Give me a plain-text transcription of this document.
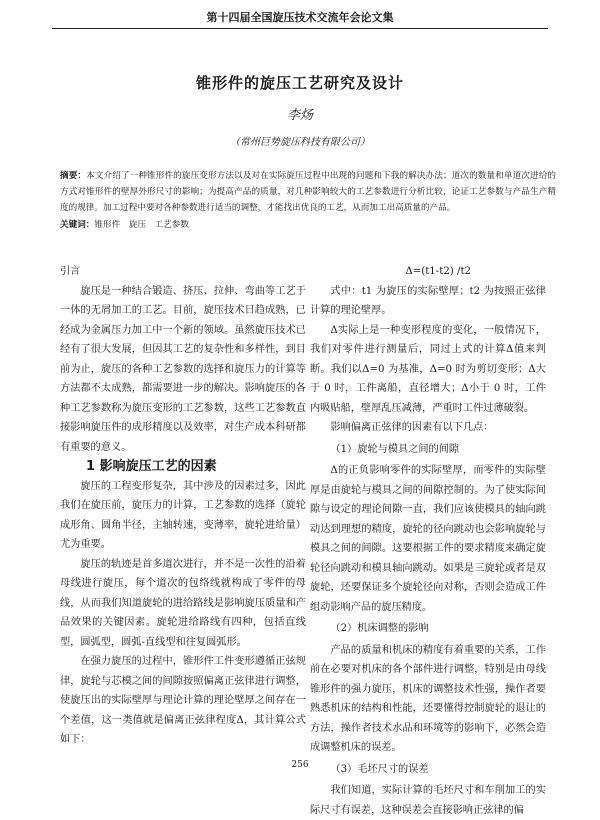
第十四届全国旋压技术交流年会论文集
锥形件的旋压工艺研究及设计
李炀
（常州巨势旋压科技有限公司）
摘要：本文介绍了一种锥形件的旋压变形方法以及对在实际旋压过程中出现的问题和下我的解决办法；道次的数量和单道次进给的方式对锥形件的壁厚外形尺寸的影响；为提高产品的质量，对几种影响较大的工艺参数进行分析比较，论证工艺参数与产品生产精度的规律。加工过程中要对各种参数进行适当的调整，才能找出优良的工艺，从而加工出高质量的产品。
关键词：锥形件　旋压　工艺参数

引言

旋压是一种结合锻造、挤压、拉伸、弯曲等工艺于一体的无屑加工的工艺。目前，旋压技术日趋成熟，已经成为金属压力加工中一个新的领域。虽然旋压技术已经有了很大发展，但因其工艺的复杂性和多样性，到目前为止，旋压的各种工艺参数的选择和旋压力的计算等方法都不太成熟，都需要进一步的解决。影响旋压的各种工艺参数称为旋压变形的工艺参数，这些工艺参数直接影响旋压件的成形精度以及效率，对生产成本科研都有重要的意义。

1 影响旋压工艺的因素

旋压的工程变形复杂，其中涉及的因素过多，因此我们在旋压前，旋压力的计算，工艺参数的选择（旋轮成形角、圆角半径，主轴转速，变薄率，旋轮进给量）尤为重要。

旋压的轨迹是首多道次进行，并不是一次性的沿着母线进行旋压，每个道次的包络线就构成了零件的母线，从而我们知道旋轮的进给路线是影响旋压质量和产品效果的关键因素。旋轮进给路线有四种，包括直线型，圆弧型，圆弧-直线型和往复圆弧形。

在强力旋压的过程中，锥形件工件变形遵循正弦规律，旋轮与芯模之间的间隙按照偏离正弦律进行调整，使旋压出的实际壁厚与理论计算的理论壁厚之间存在一个差值，这一类值就是偏离正弦律程度Δ，其计算公式如下：

Δ=(t1-t2) /t2

式中：t1 为旋压的实际壁厚；t2 为按照正弦律计算的理论壁厚。

Δ实际上是一种变形程度的变化，一般情况下，我们对零件进行测量后，同过上式的计算Δ值来判断。我们以Δ=0 为基准，Δ=0 时为剪切变形；Δ大于 0 时，工件离船，直径增大；Δ小于 0 时，工件内吸贴船，壁厚乱压减薄，严重时工件过薄破裂。

影响偏离正弦律的因素有以下几点：

（1）旋轮与模具之间的间隙

Δ的正负影响零件的实际壁厚，而零件的实际壁厚是由旋轮与模具之间的间隙控制的。为了使实际间隙与设定的理论间隙一直，我们应该使模具的轴向跳动达到理想的精度，旋轮的径向跳动也会影响旋轮与模具之间的间隙。这要根据工件的要求精度来确定旋轮径向跳动和模具轴向跳动。如果是三旋轮或者是双旋轮，还要保证多个旋轮径向对称，否则会造成工件组动影响产品的旋压精度。

（2）机床调整的影响

产品的质量和机床的精度有着重要的关系，工作前在必要对机床的各个部件进行调整，特别是由母线锥形件的强力旋压，机床的调整技术性强，操作者要熟悉机床的结构和性能，还要懂得控制旋轮的退让的方法，操作者技术水品和环境等的影响下，必然会造成调整机床的误差。

（3）毛坯尺寸的误差

我们知道，实际计算的毛坯尺寸和车削加工的实际尺寸有误差，这种误差会直接影响正弦律的偏

256
